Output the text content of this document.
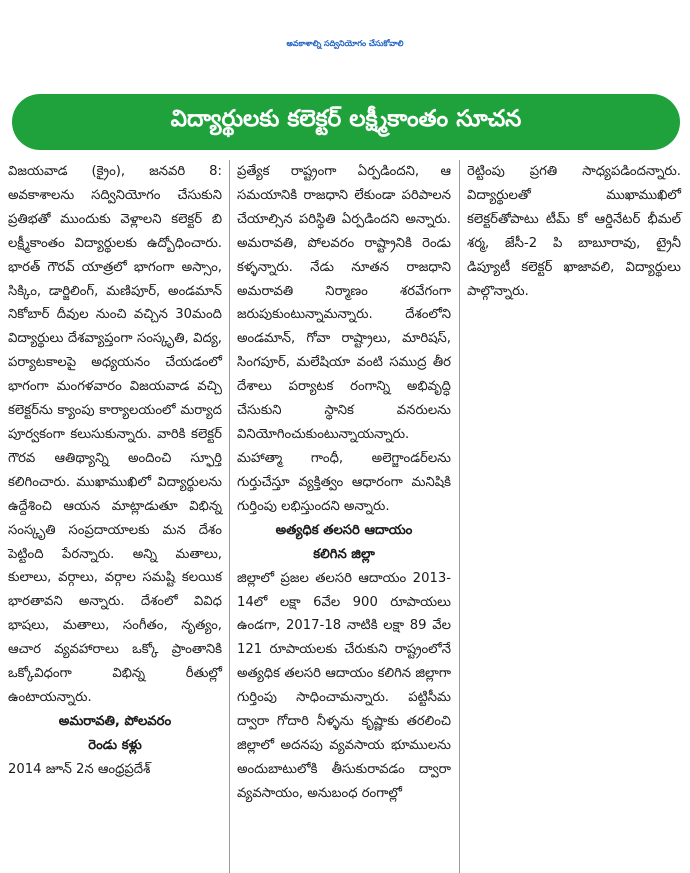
అవకాశాల్ని సద్వినియోగం చేసుకోవాలి
విద్యార్థులకు కలెక్టర్ లక్ష్మీకాంతం సూచన

విజయవాడ (క్రైం), జనవరి 8: అవకాశాలను సద్వినియోగం చేసుకుని ప్రతిభతో ముందుకు వెళ్లాలని కలెక్టర్ బి లక్ష్మీకాంతం విద్యార్థులకు ఉద్బోధించారు. భారత్ గౌరవ్ యాత్రలో భాగంగా అస్సాం, సిక్కిం, డార్జిలింగ్, మణిపూర్, అండమాన్ నికోబార్ దీవుల నుంచి వచ్చిన 30మంది విద్యార్థులు దేశవ్యాప్తంగా సంస్కృతి, విద్య, పర్యాటకాలపై అధ్యయనం చేయడంలో భాగంగా మంగళవారం విజయవాడ వచ్చి కలెక్టర్‌ను క్యాంపు కార్యాలయంలో మర్యాద పూర్వకంగా కలుసుకున్నారు. వారికి కలెక్టర్ గౌరవ ఆతిథ్యాన్ని అందించి స్ఫూర్తి కలిగించారు. ముఖాముఖిలో విద్యార్థులను ఉద్దేశించి ఆయన మాట్లాడుతూ విభిన్న సంస్కృతి సంప్రదాయాలకు మన దేశం పెట్టింది పేరన్నారు. అన్ని మతాలు, కులాలు, వర్గాలు, వర్గాల సమష్టి కలయిక భారతావని అన్నారు. దేశంలో వివిధ భాషలు, మతాలు, సంగీతం, నృత్యం, ఆచార వ్యవహారాలు ఒక్కో ప్రాంతానికి ఒక్కోవిధంగా విభిన్న రీతుల్లో ఉంటాయన్నారు.

అమరావతి, పోలవరం

రెండు కళ్లు

2014 జూన్ 2న ఆంధ్రప్రదేశ్

ప్రత్యేక రాష్ట్రంగా ఏర్పడిందని, ఆ సమయానికి రాజధాని లేకుండా పరిపాలన చేయాల్సిన పరిస్థితి ఏర్పడిందని అన్నారు. అమరావతి, పోలవరం రాష్ట్రానికి రెండు కళ్ళన్నారు. నేడు నూతన రాజధాని అమరావతి నిర్మాణం శరవేగంగా జరుపుకుంటున్నామన్నారు. దేశంలోని అండమాన్, గోవా రాష్ట్రాలు, మారిషస్, సింగపూర్, మలేషియా వంటి సముద్ర తీర దేశాలు పర్యాటక రంగాన్ని అభివృద్ధి చేసుకుని స్థానిక వనరులను వినియోగించుకుంటున్నాయన్నారు. మహాత్మా గాంధీ, అలెగ్జాండర్‌లను గుర్తుచేస్తూ వ్యక్తిత్వం ఆధారంగా మనిషికి గుర్తింపు లభిస్తుందని అన్నారు.

అత్యధిక తలసరి ఆదాయం

కలిగిన జిల్లా

జిల్లాలో ప్రజల తలసరి ఆదాయం 2013-14లో లక్షా 6వేల 900 రూపాయలు ఉండగా, 2017-18 నాటికి లక్షా 89 వేల 121 రూపాయలకు చేరుకుని రాష్ట్రంలోనే అత్యధిక తలసరి ఆదాయం కలిగిన జిల్లాగా గుర్తింపు సాధించామన్నారు. పట్టిసీమ ద్వారా గోదారి నీళ్ళను కృష్ణాకు తరలించి జిల్లాలో అదనపు వ్యవసాయ భూములను అందుబాటులోకి తీసుకురావడం ద్వారా వ్యవసాయం, అనుబంధ రంగాల్లో

రెట్టింపు ప్రగతి సాధ్యపడిందన్నారు. విద్యార్థులతో ముఖాముఖిలో కలెక్టర్‌తోపాటు టీమ్ కో ఆర్డినేటర్ భీమల్ శర్మ, జేసీ-2 పి బాబూరావు, ట్రైనీ డిప్యూటీ కలెక్టర్ ఖాజావలి, విద్యార్థులు పాల్గొన్నారు.
